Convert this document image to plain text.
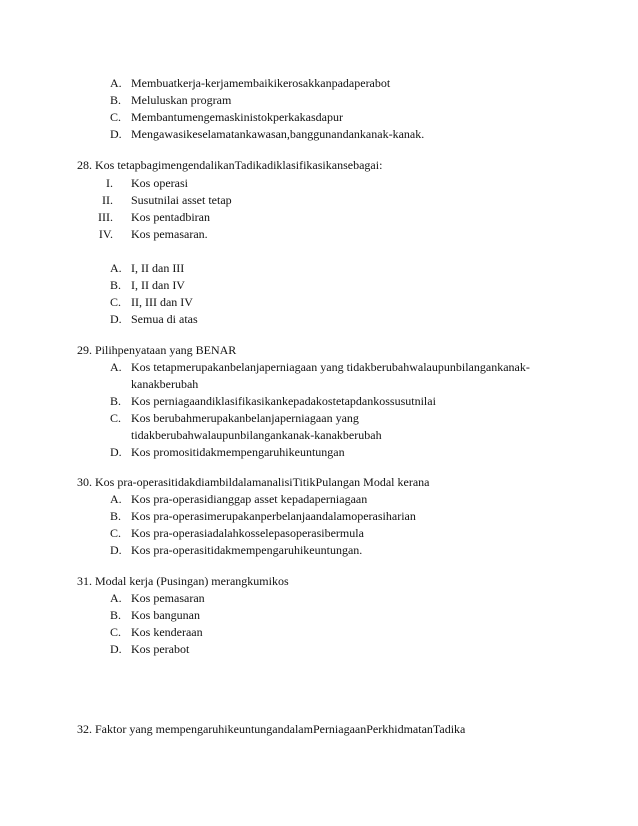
A. Membuatkerja-kerjamembaikikerosakkanpadaperabot
B. Meluluskan program
C. Membantumengemaskinistokperkakasdapur
D. Mengawasikeselamatankawasan,banggunandankanak-kanak.
28. Kos tetapbagimengendalikanTadikadiklasifikasikansebagai:
I. Kos operasi
II. Susutnilai asset tetap
III. Kos pentadbiran
IV. Kos pemasaran.
A. I, II dan III
B. I, II dan IV
C. II, III dan IV
D. Semua di atas
29. Pilihpenyataan yang BENAR
A. Kos tetapmerupakanbelanjaperniagaan yang tidakberubahwalaupunbilangankanak-
kanakberubah
B. Kos perniagaandiklasifikasikankepadakostetapdankossusutnilai
C. Kos berubahmerupakanbelanjaperniagaan yang
tidakberubahwalaupunbilangankanak-kanakberubah
D. Kos promositidakmempengaruhikeuntungan
30. Kos pra-operasitidakdiambildalamanalisiTitikPulangan Modal kerana
A. Kos pra-operasidianggap asset kepadaperniagaan
B. Kos pra-operasimerupakanperbelanjaandalamoperasiharian
C. Kos pra-operasiadalahkosselepasoperasibermula
D. Kos pra-operasitidakmempengaruhikeuntungan.
31. Modal kerja (Pusingan) merangkumikos
A. Kos pemasaran
B. Kos bangunan
C. Kos kenderaan
D. Kos perabot
32. Faktor yang mempengaruhikeuntungandalamPerniagaanPerkhidmatanTadika
